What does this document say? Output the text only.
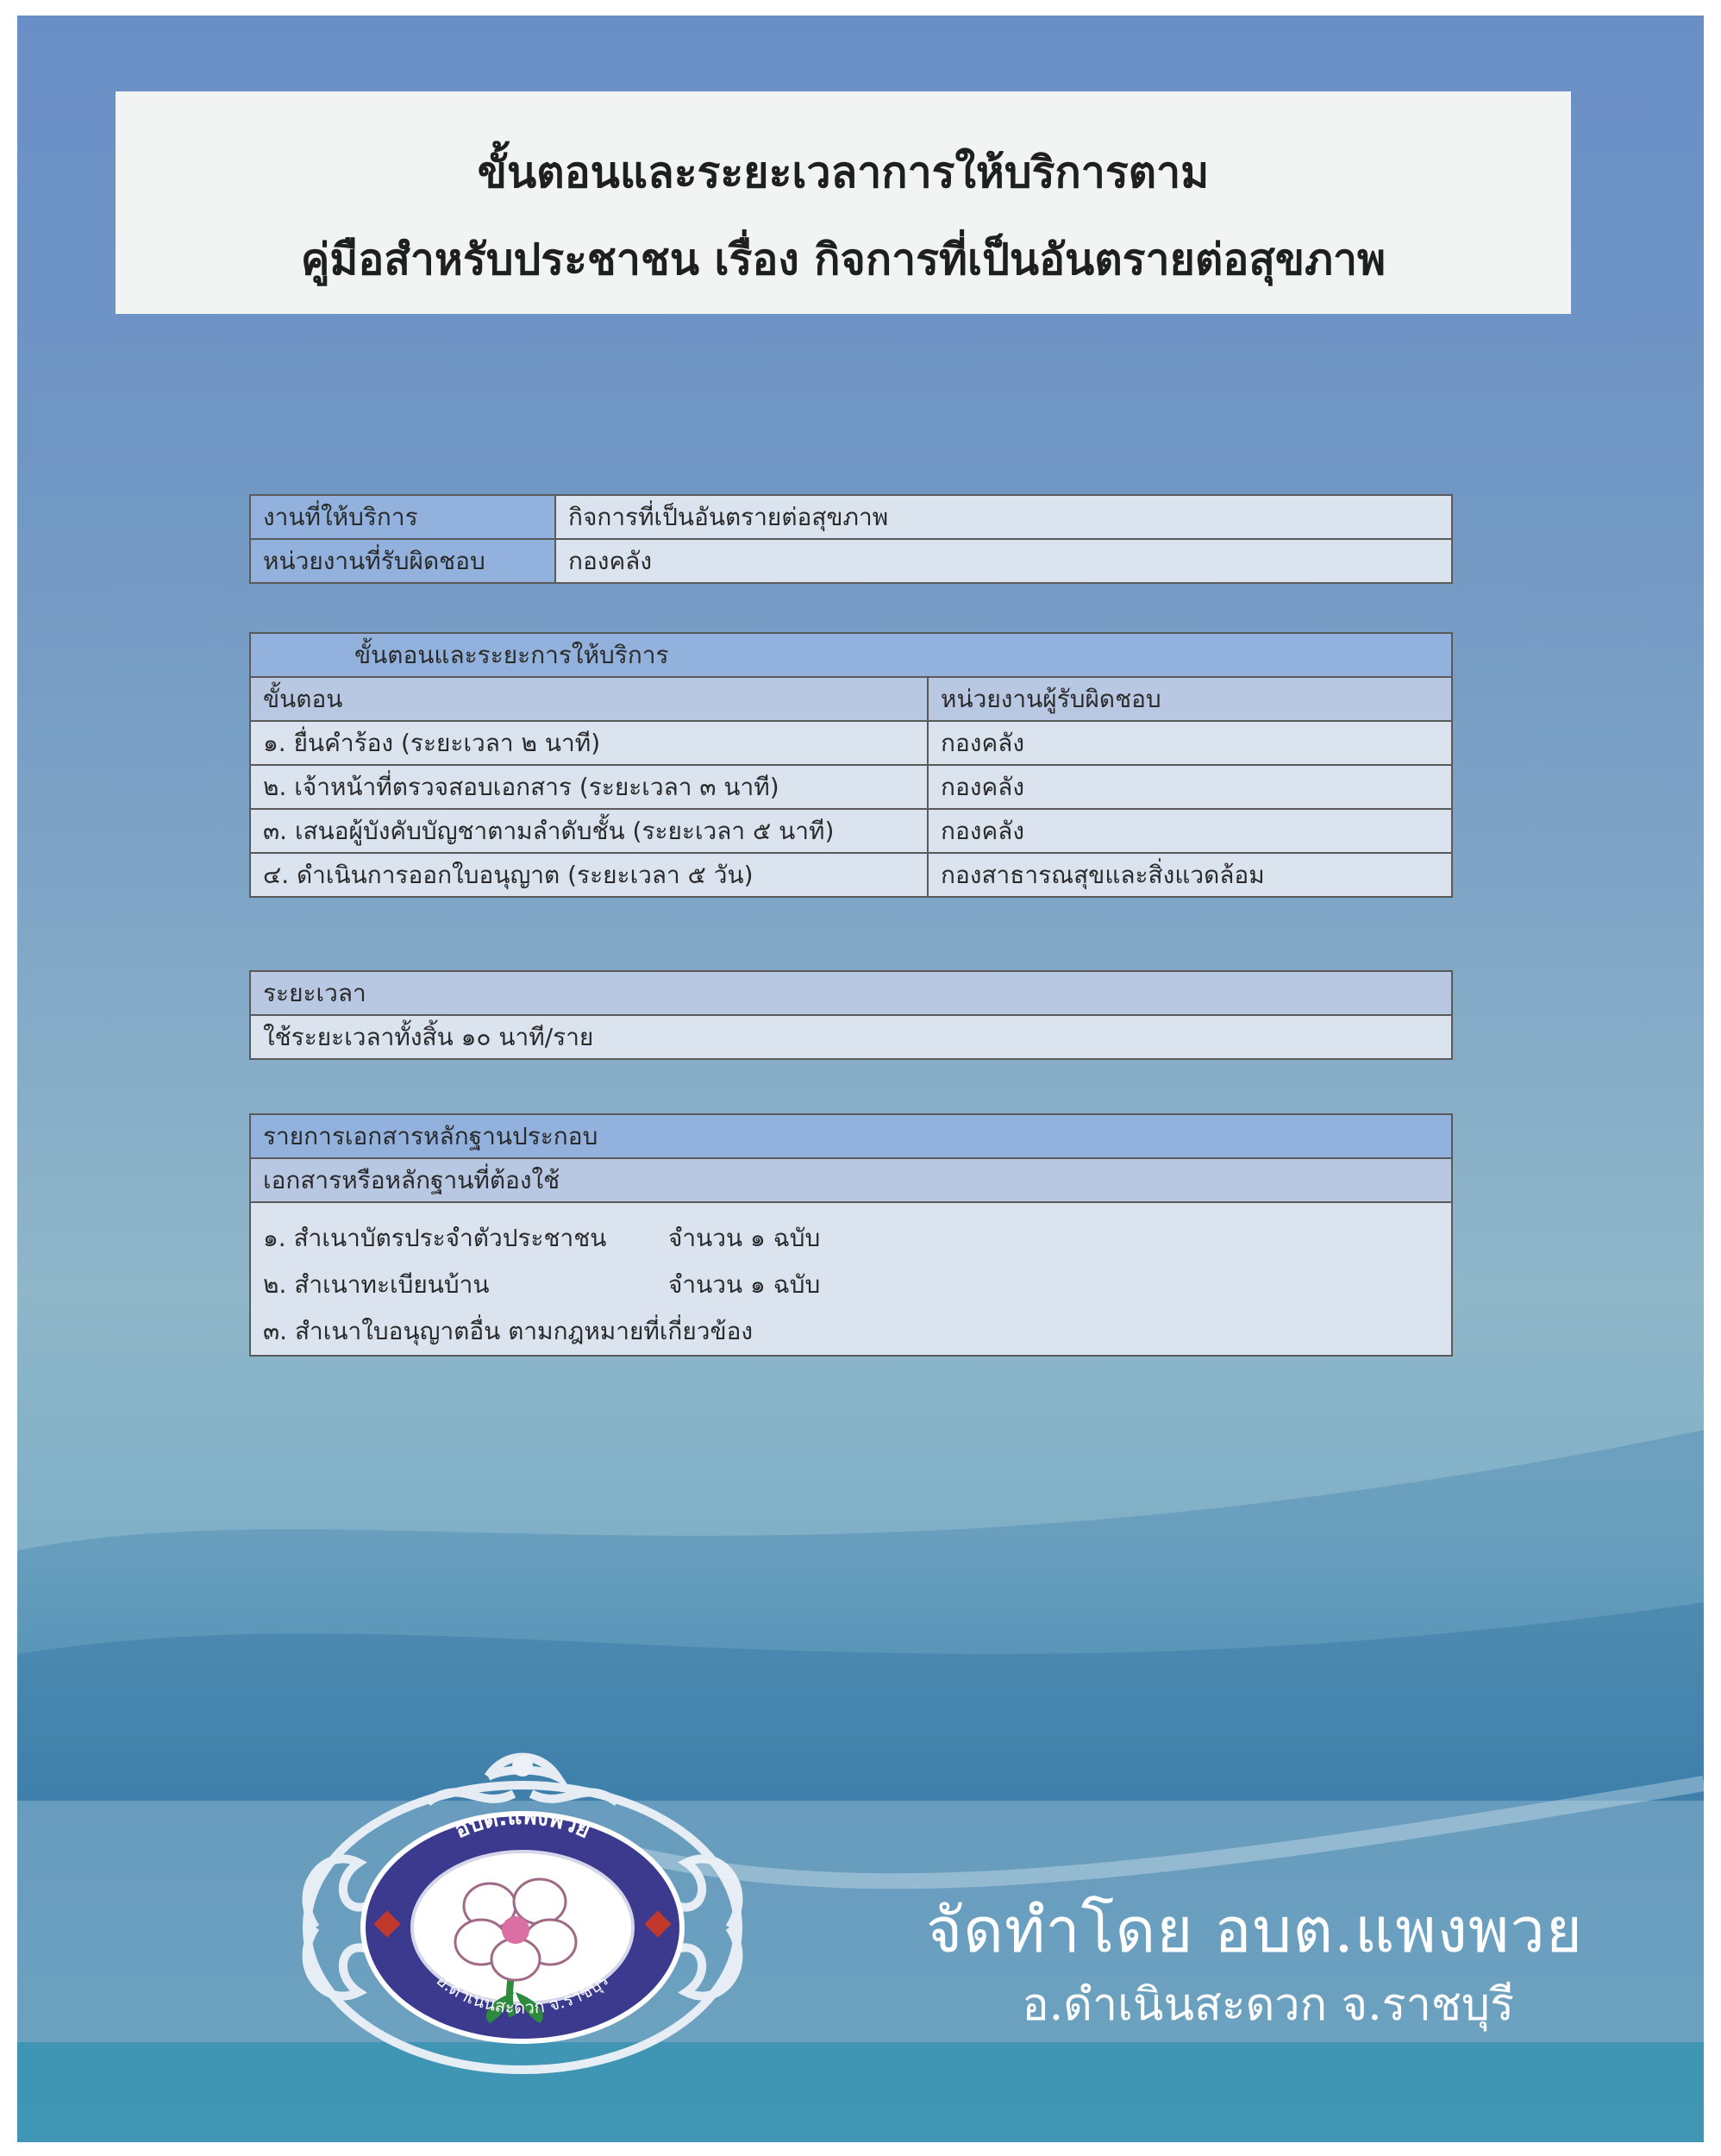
ขั้นตอนและระยะเวลาการให้บริการตาม
คู่มือสำหรับประชาชน เรื่อง กิจการที่เป็นอันตรายต่อสุขภาพ
งานที่ให้บริการ	กิจการที่เป็นอันตรายต่อสุขภาพ
หน่วยงานที่รับผิดชอบ	กองคลัง
ขั้นตอนและระยะการให้บริการ	
ขั้นตอน	หน่วยงานผู้รับผิดชอบ
๑. ยื่นคำร้อง (ระยะเวลา ๒ นาที)	กองคลัง
๒. เจ้าหน้าที่ตรวจสอบเอกสาร (ระยะเวลา ๓ นาที)	กองคลัง
๓. เสนอผู้บังคับบัญชาตามลำดับชั้น (ระยะเวลา ๕ นาที)	กองคลัง
๔. ดำเนินการออกใบอนุญาต (ระยะเวลา ๕ วัน)	กองสาธารณสุขและสิ่งแวดล้อม
ระยะเวลา
ใช้ระยะเวลาทั้งสิ้น ๑๐ นาที/ราย
รายการเอกสารหลักฐานประกอบ
เอกสารหรือหลักฐานที่ต้องใช้

๑. สำเนาบัตรประจำตัวประชาชน	จำนวน ๑ ฉบับ
๒. สำเนาทะเบียนบ้าน	จำนวน ๑ ฉบับ
๓. สำเนาใบอนุญาตอื่น ตามกฎหมายที่เกี่ยวข้อง
อบต.แพงพวย
อ.ดำเนินสะดวก จ.ราชบุรี
จัดทำโดย อบต.แพงพวย
อ.ดำเนินสะดวก จ.ราชบุรี
